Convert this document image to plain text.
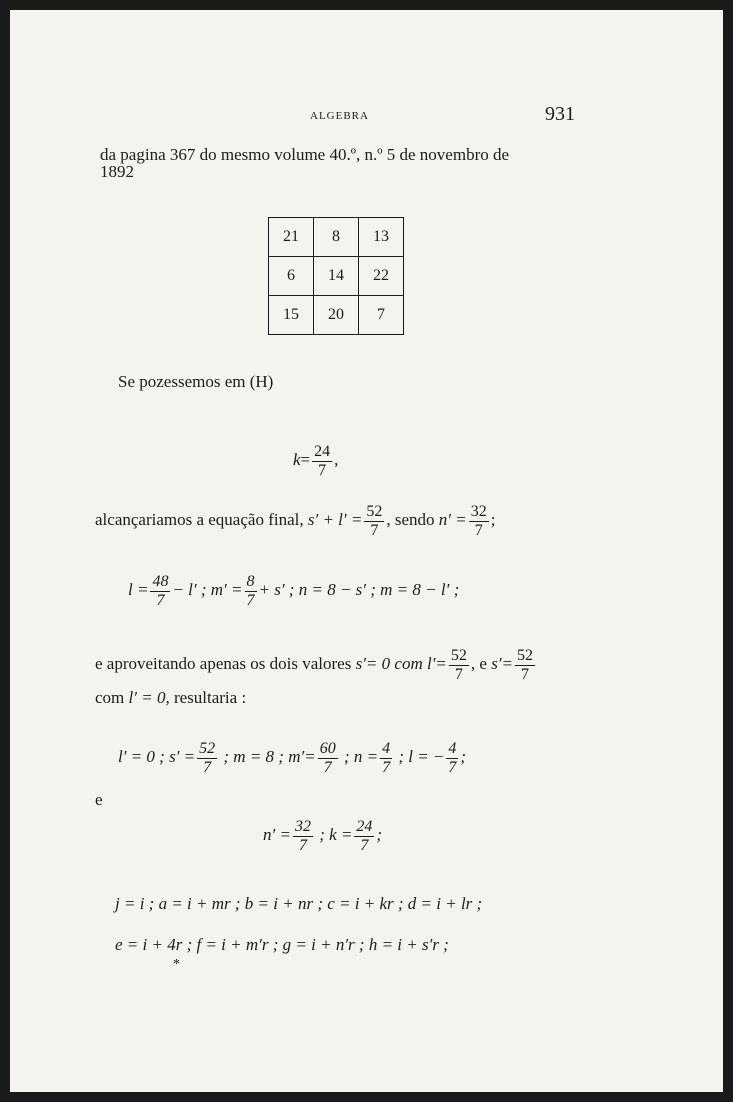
ALGEBRA	931
da pagina 367 do mesmo volume 40.º, n.º 5 de novembro de
1892
21	8	13
6	14	22
15	20	7
Se pozessemos em (H)
$k= \frac{24}{7}$ ,
alcançariamos a equação final, $s' + l' = \frac{52}{7}$ , sendo $n' = \frac{32}{7}$ ;
$l = \frac{48}{7} - l'$ ; $m' = \frac{8}{7} + s'$ ; n = 8 − s′ ; m = 8 − l′ ;
e aproveitando apenas os dois valores s′= 0 com $l'= \frac{52}{7}$ , e $s'= \frac{52}{7}$
com l′ = 0, resultaria :
l′ = 0 ; $s' = \frac{52}{7}$ ; m = 8 ; $m'= \frac{60}{7}$ ; $n = \frac{4}{7}$ ; l = − $\frac{4}{7}$ ;
e
$n' = \frac{32}{7}$ ; $k = \frac{24}{7}$ ;
j = i ; a = i + mr ; b = i + nr ; c = i + kr ; d = i + lr ;
e = i + 4r ; f = i + m′r ; g = i + n′r ; h = i + s′r ;
*
